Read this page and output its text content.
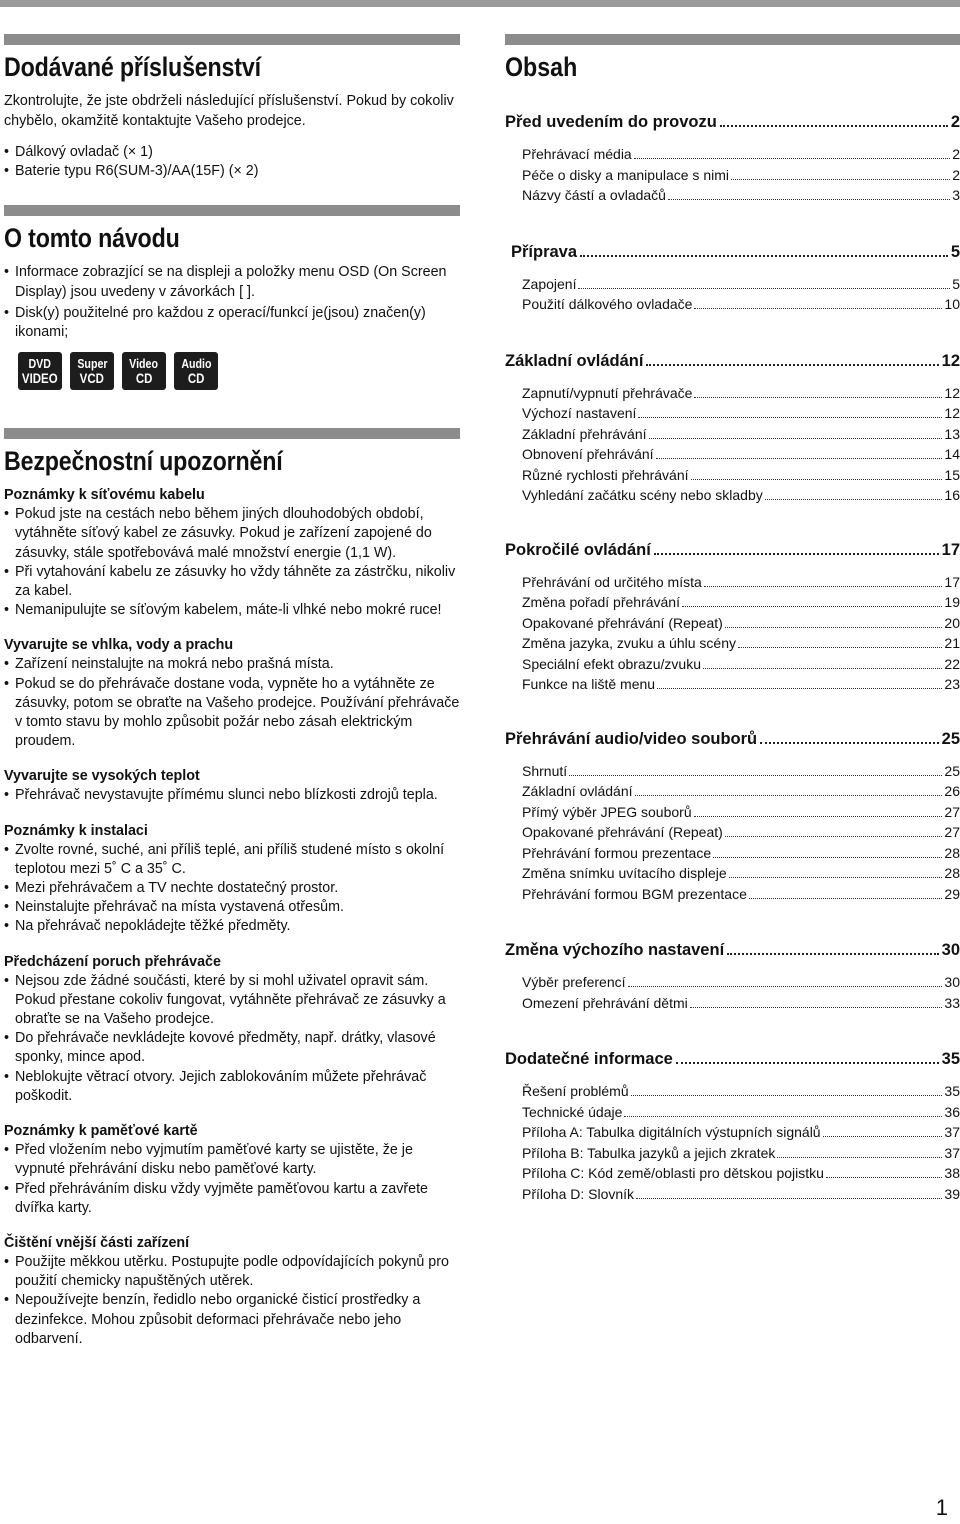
Dodávané příslušenství

Zkontrolujte, že jste obdrželi následující příslušenství. Pokud by cokoliv chybělo, okamžitě kontaktujte Vašeho prodejce.

• Dálkový ovladač (× 1)
• Baterie typu R6(SUM-3)/AA(15F) (× 2)
O tomto návodu
• Informace zobrazjící se na displeji a položky menu OSD (On Screen Display) jsou uvedeny v závorkách [ ].
• Disk(y) použitelné pro každou z operací/funkcí je(jsou) značen(y) ikonami;
DVD
VIDEO
Super
VCD
Video
CD
Audio
CD
Bezpečnostní upozornění
Poznámky k síťovému kabelu
• Pokud jste na cestách nebo během jiných dlouhodobých období, vytáhněte síťový kabel ze zásuvky. Pokud je zařízení zapojené do zásuvky, stále spotřebovává malé množství energie (1,1 W).
• Při vytahování kabelu ze zásuvky ho vždy táhněte za zástrčku, nikoliv za kabel.
• Nemanipulujte se síťovým kabelem, máte-li vlhké nebo mokré ruce!
Vyvarujte se vhlka, vody a prachu
• Zařízení neinstalujte na mokrá nebo prašná místa.
• Pokud se do přehrávače dostane voda, vypněte ho a vytáhněte ze zásuvky, potom se obraťte na Vašeho prodejce. Používání přehrávače v tomto stavu by mohlo způsobit požár nebo zásah elektrickým proudem.
Vyvarujte se vysokých teplot
• Přehrávač nevystavujte přímému slunci nebo blízkosti zdrojů tepla.
Poznámky k instalaci
• Zvolte rovné, suché, ani příliš teplé, ani příliš studené místo s okolní teplotou mezi 5˚ C a 35˚ C.
• Mezi přehrávačem a TV nechte dostatečný prostor.
• Neinstalujte přehrávač na místa vystavená otřesům.
• Na přehrávač nepokládejte těžké předměty.
Předcházení poruch přehrávače
• Nejsou zde žádné součásti, které by si mohl uživatel opravit sám. Pokud přestane cokoliv fungovat, vytáhněte přehrávač ze zásuvky a obraťte se na Vašeho prodejce.
• Do přehrávače nevkládejte kovové předměty, např. drátky, vlasové sponky, mince apod.
• Neblokujte větrací otvory. Jejich zablokováním můžete přehrávač poškodit.
Poznámky k paměťové kartě
• Před vložením nebo vyjmutím paměťové karty se ujistěte, že je vypnuté přehrávání disku nebo paměťové karty.
• Před přehráváním disku vždy vyjměte paměťovou kartu a zavřete dvířka karty.
Čištění vnější části zařízení
• Použijte měkkou utěrku. Postupujte podle odpovídajících pokynů pro použití chemicky napuštěných utěrek.
• Nepoužívejte benzín, ředidlo nebo organické čisticí prostředky a dezinfekce. Mohou způsobit deformaci přehrávače nebo jeho odbarvení.
Obsah
Před uvedením do provozu	2
Přehrávací média	2
Péče o disky a manipulace s nimi	2
Názvy částí a ovladačů	3
Příprava	5
Zapojení	5
Použití dálkového ovladače	10
Základní ovládání	12
Zapnutí/vypnutí přehrávače	12
Výchozí nastavení	12
Základní přehrávání	13
Obnovení přehrávání	14
Různé rychlosti přehrávání	15
Vyhledání začátku scény nebo skladby	16
Pokročilé ovládání	17
Přehrávání od určitého místa	17
Změna pořadí přehrávání	19
Opakované přehrávání (Repeat)	20
Změna jazyka, zvuku a úhlu scény	21
Speciální efekt obrazu/zvuku	22
Funkce na liště menu	23
Přehrávání audio/video souborů	25
Shrnutí	25
Základní ovládání	26
Přímý výběr JPEG souborů	27
Opakované přehrávání (Repeat)	27
Přehrávání formou prezentace	28
Změna snímku uvítacího displeje	28
Přehrávání formou BGM prezentace	29
Změna výchozího nastavení	30
Výběr preferencí	30
Omezení přehrávání dětmi	33
Dodatečné informace	35
Řešení problémů	35
Technické údaje	36
Příloha A: Tabulka digitálních výstupních signálů	37
Příloha B: Tabulka jazyků a jejich zkratek	37
Příloha C: Kód země/oblasti pro dětskou pojistku	38
Příloha D: Slovník	39
1
